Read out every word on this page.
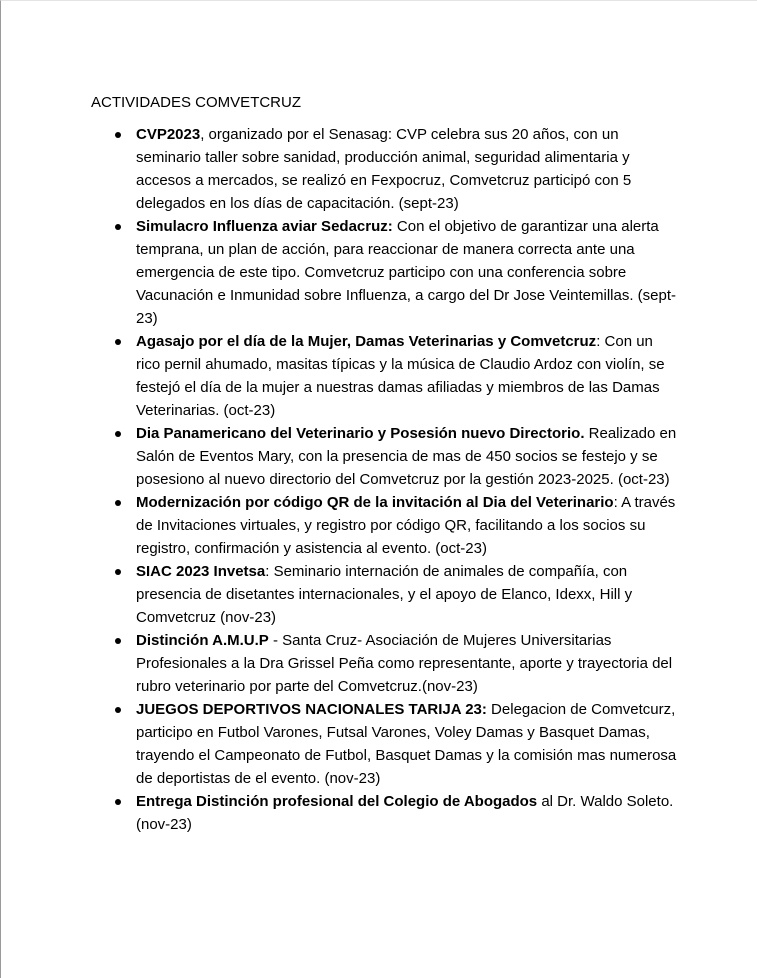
ACTIVIDADES COMVETCRUZ
CVP2023, organizado por el Senasag: CVP celebra sus 20 años, con un seminario taller sobre sanidad, producción animal, seguridad alimentaria y accesos a mercados, se realizó en Fexpocruz, Comvetcruz participó con 5 delegados en los días de capacitación. (sept-23)
Simulacro Influenza aviar Sedacruz: Con el objetivo de garantizar una alerta temprana, un plan de acción, para reaccionar de manera correcta ante una emergencia de este tipo. Comvetcruz participo con una conferencia sobre Vacunación e Inmunidad sobre Influenza, a cargo del Dr Jose Veintemillas. (sept-23)
Agasajo por el día de la Mujer, Damas Veterinarias y Comvetcruz: Con un rico pernil ahumado, masitas típicas y la música de Claudio Ardoz con violín, se festejó el día de la mujer a nuestras damas afiliadas y miembros de las Damas Veterinarias. (oct-23)
Dia Panamericano del Veterinario y Posesión nuevo Directorio. Realizado en Salón de Eventos Mary, con la presencia de mas de 450 socios se festejo y se posesiono al nuevo directorio del Comvetcruz por la gestión 2023-2025. (oct-23)
Modernización por código QR de la invitación al Dia del Veterinario: A través de Invitaciones virtuales, y registro por código QR, facilitando a los socios su registro, confirmación y asistencia al evento. (oct-23)
SIAC 2023 Invetsa: Seminario internación de animales de compañía, con presencia de disetantes internacionales, y el apoyo de Elanco, Idexx, Hill y Comvetcruz (nov-23)
Distinción A.M.U.P - Santa Cruz- Asociación de Mujeres Universitarias Profesionales a la Dra Grissel Peña como representante, aporte y trayectoria del rubro veterinario por parte del Comvetcruz.(nov-23)
JUEGOS DEPORTIVOS NACIONALES TARIJA 23: Delegacion de Comvetcurz, participo en Futbol Varones, Futsal Varones, Voley Damas y Basquet Damas, trayendo el Campeonato de Futbol, Basquet Damas y la comisión mas numerosa de deportistas de el evento. (nov-23)
Entrega Distinción profesional del Colegio de Abogados al Dr. Waldo Soleto. (nov-23)
